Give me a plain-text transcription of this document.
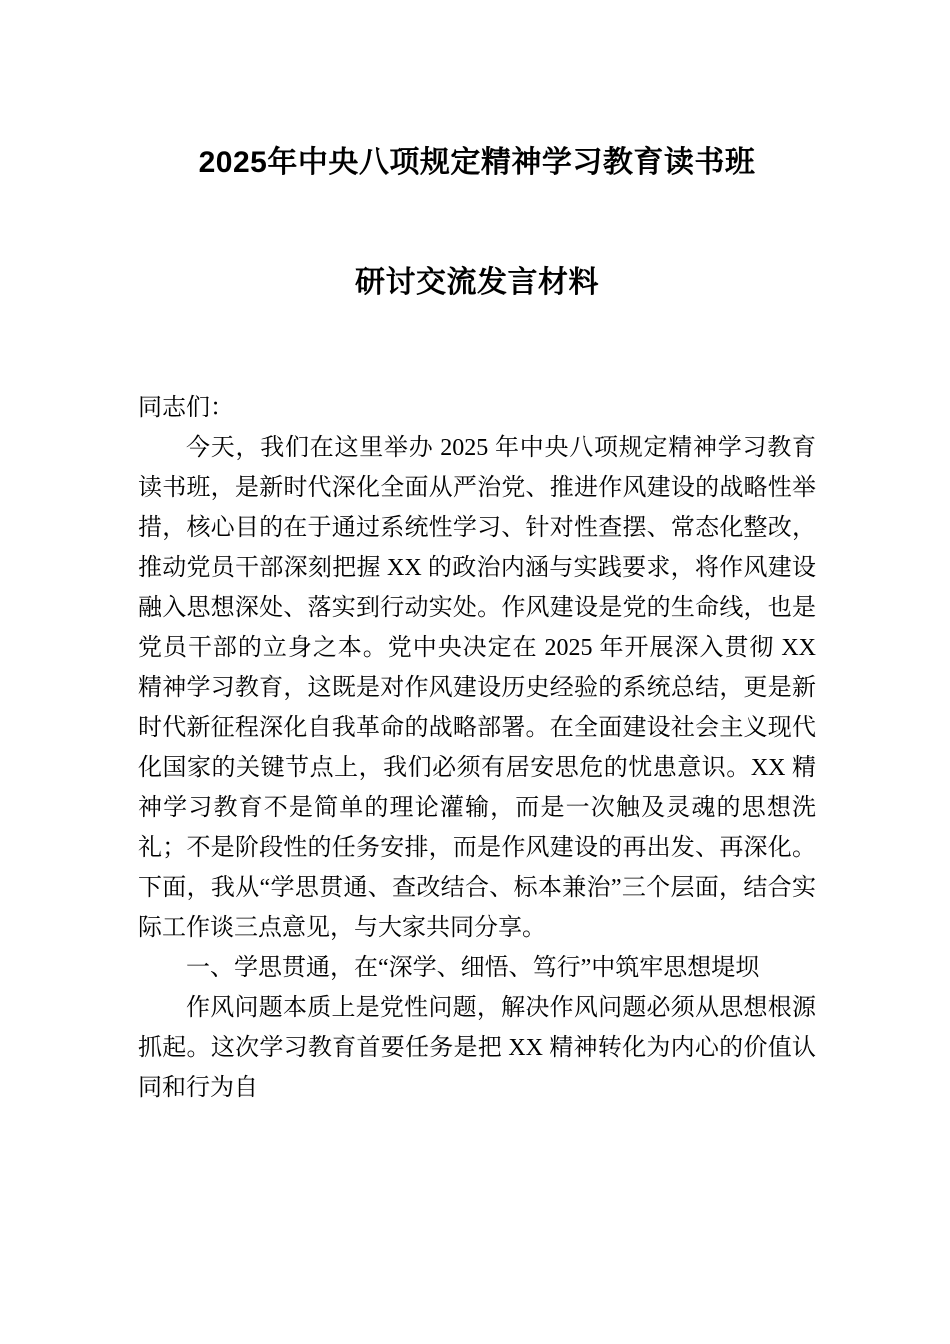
2025年中央八项规定精神学习教育读书班
研讨交流发言材料

同志们：

今天，我们在这里举办 2025 年中央八项规定精神学习教育读书班，是新时代深化全面从严治党、推进作风建设的战略性举措，核心目的在于通过系统性学习、针对性查摆、常态化整改，推动党员干部深刻把握 XX 的政治内涵与实践要求，将作风建设融入思想深处、落实到行动实处。作风建设是党的生命线，也是党员干部的立身之本。党中央决定在 2025 年开展深入贯彻 XX 精神学习教育，这既是对作风建设历史经验的系统总结，更是新时代新征程深化自我革命的战略部署。在全面建设社会主义现代化国家的关键节点上，我们必须有居安思危的忧患意识。XX 精神学习教育不是简单的理论灌输，而是一次触及灵魂的思想洗礼；不是阶段性的任务安排，而是作风建设的再出发、再深化。下面，我从“学思贯通、查改结合、标本兼治”三个层面，结合实际工作谈三点意见，与大家共同分享。

一、学思贯通，在“深学、细悟、笃行”中筑牢思想堤坝

作风问题本质上是党性问题，解决作风问题必须从思想根源抓起。这次学习教育首要任务是把 XX 精神转化为内心的价值认同和行为自
